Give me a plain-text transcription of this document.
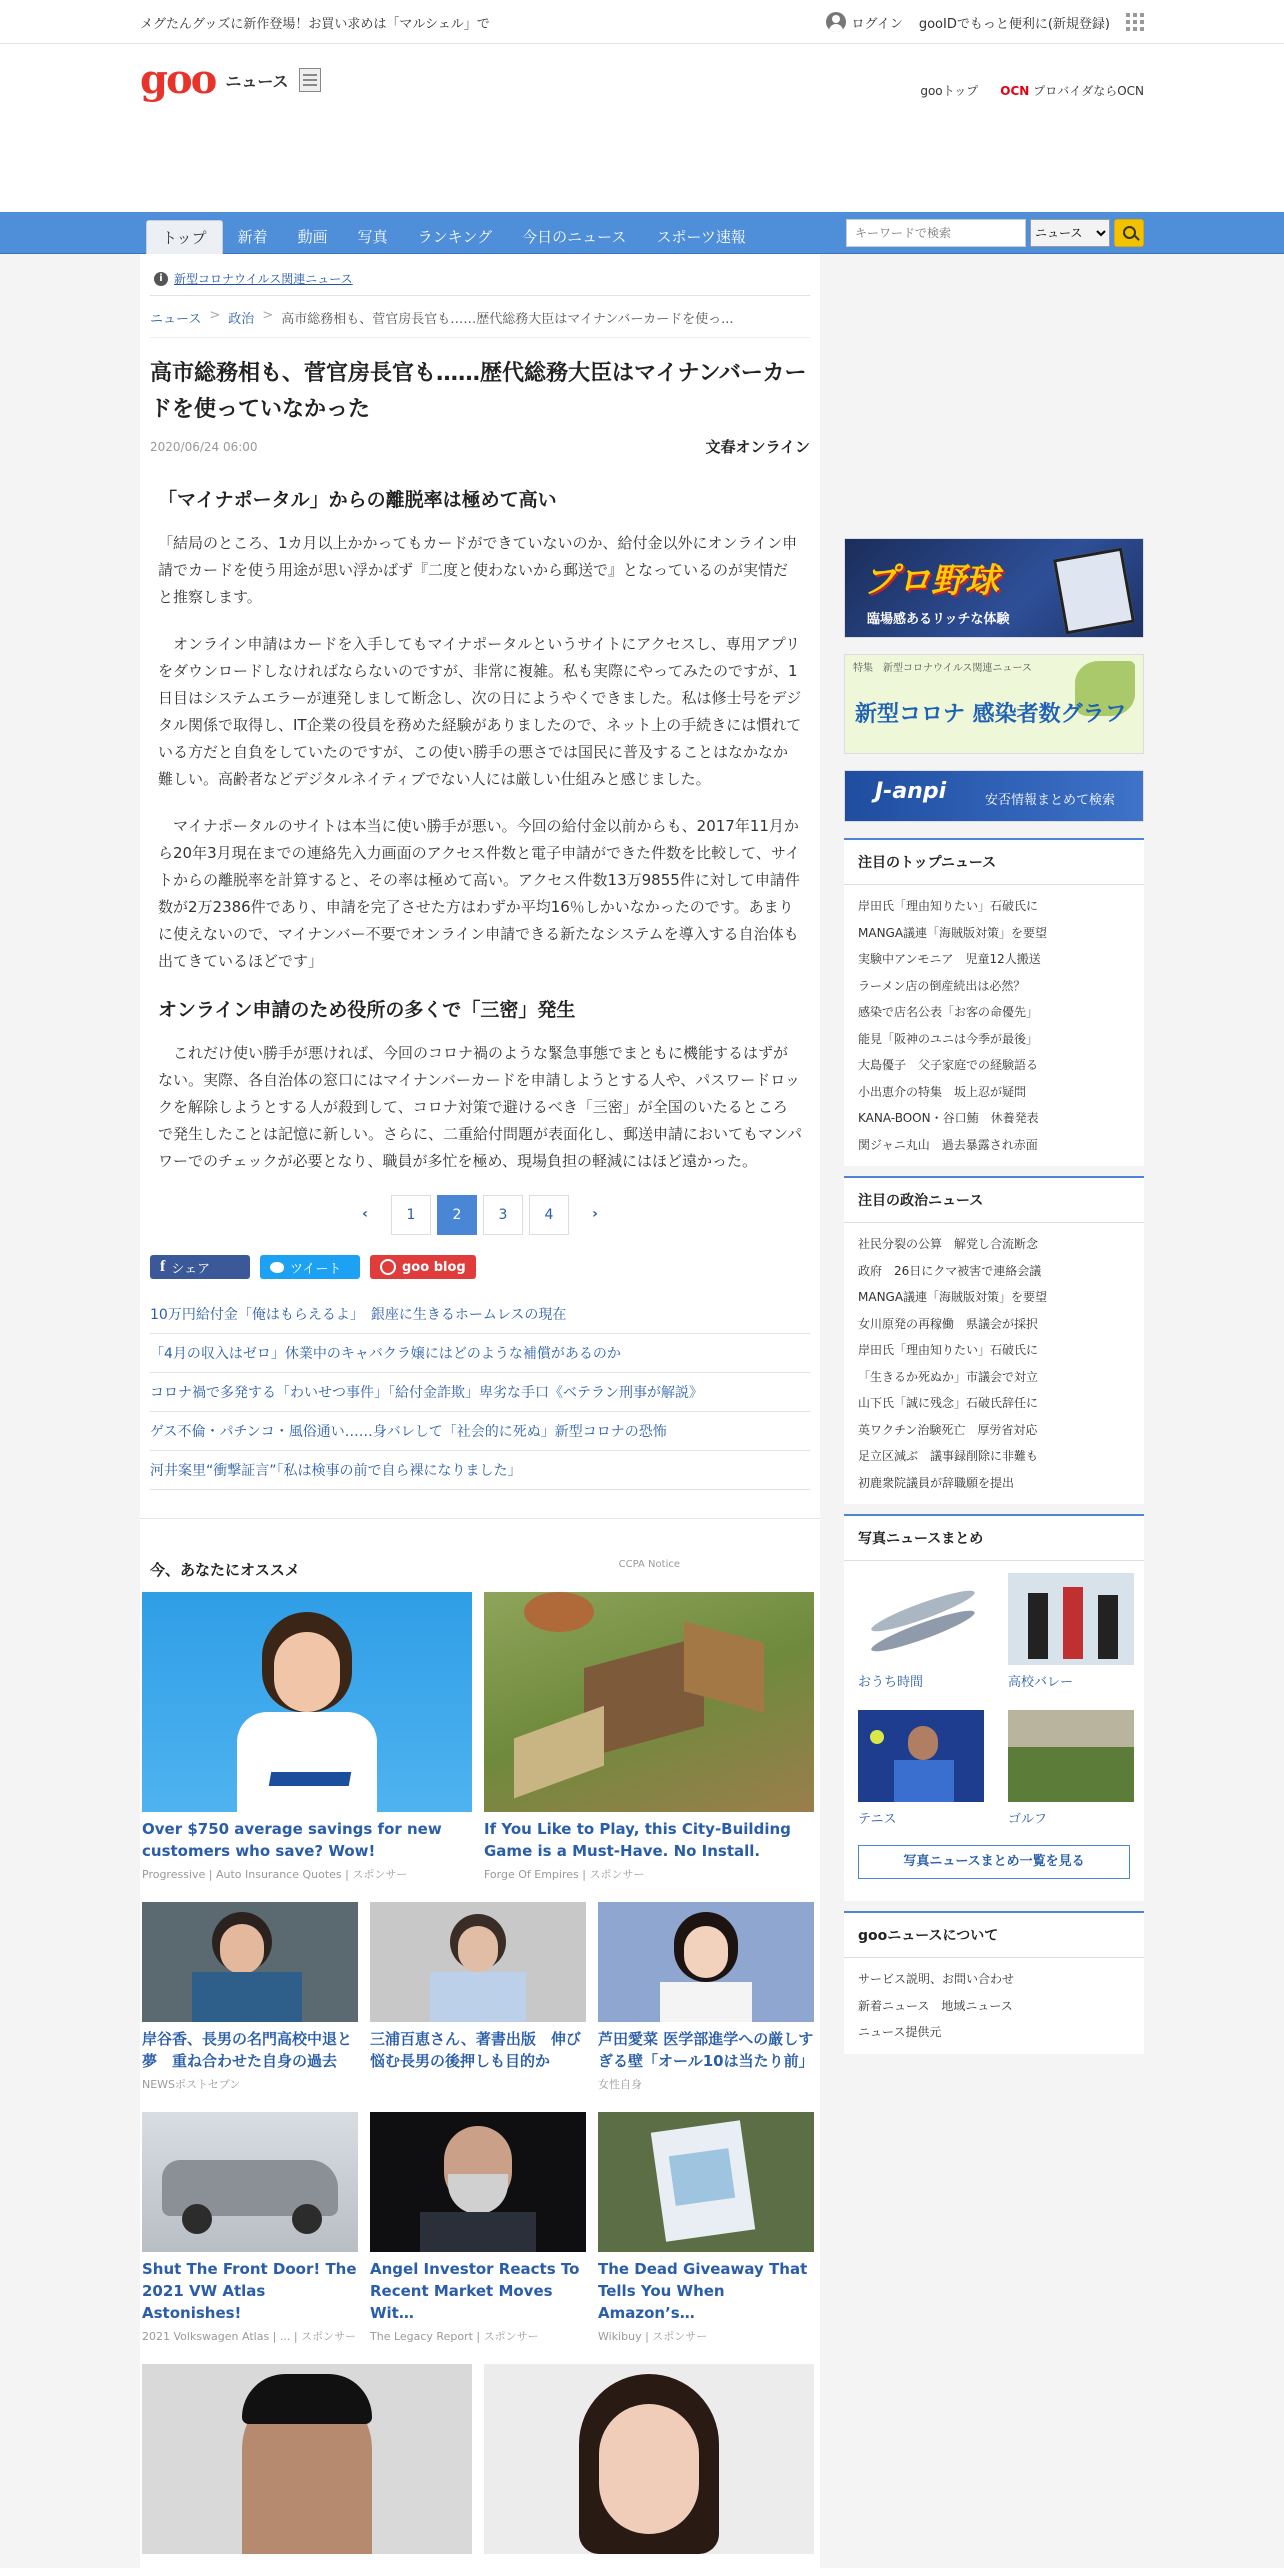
メグたんグッズに新作登場！お買い求めは「マルシェル」で	ログイン gooIDでもっと便利に(新規登録)
goo ニュース	gooトップ OCN プロバイダならOCN
トップ	新着	動画	写真	ランキング	今日のニュース	スポーツ速報
キーワードで検索
ニュース
i 新型コロナウイルス関連ニュース
ニュース > 政治 > 高市総務相も、菅官房長官も……歴代総務大臣はマイナンバーカードを使っ...
高市総務相も、菅官房長官も……歴代総務大臣はマイナンバーカードを使っていなかった
2020/06/24 06:00	文春オンライン
「マイナポータル」からの離脱率は極めて高い

「結局のところ、1カ月以上かかってもカードができていないのか、給付金以外にオンライン申請でカードを使う用途が思い浮かばず『二度と使わないから郵送で』となっているのが実情だと推察します。

　オンライン申請はカードを入手してもマイナポータルというサイトにアクセスし、専用アプリをダウンロードしなければならないのですが、非常に複雑。私も実際にやってみたのですが、1日目はシステムエラーが連発しまして断念し、次の日にようやくできました。私は修士号をデジタル関係で取得し、IT企業の役員を務めた経験がありましたので、ネット上の手続きには慣れている方だと自負をしていたのですが、この使い勝手の悪さでは国民に普及することはなかなか難しい。高齢者などデジタルネイティブでない人には厳しい仕組みと感じました。

　マイナポータルのサイトは本当に使い勝手が悪い。今回の給付金以前からも、2017年11月から20年3月現在までの連絡先入力画面のアクセス件数と電子申請ができた件数を比較して、サイトからの離脱率を計算すると、その率は極めて高い。アクセス件数13万9855件に対して申請件数が2万2386件であり、申請を完了させた方はわずか平均16％しかいなかったのです。あまりに使えないので、マイナンバー不要でオンライン申請できる新たなシステムを導入する自治体も出てきているほどです」

オンライン申請のため役所の多くで「三密」発生

　これだけ使い勝手が悪ければ、今回のコロナ禍のような緊急事態でまともに機能するはずがない。実際、各自治体の窓口にはマイナンバーカードを申請しようとする人や、パスワードロックを解除しようとする人が殺到して、コロナ対策で避けるべき「三密」が全国のいたるところで発生したことは記憶に新しい。さらに、二重給付問題が表面化し、郵送申請においてもマンパワーでのチェックが必要となり、職員が多忙を極め、現場負担の軽減にはほど遠かった。

‹	1	2	3	4	›
f シェア	ツイート	goo blog
10万円給付金「俺はもらえるよ」　銀座に生きるホームレスの現在
「4月の収入はゼロ」休業中のキャバクラ嬢にはどのような補償があるのか
コロナ禍で多発する「わいせつ事件」「給付金詐欺」卑劣な手口《ベテラン刑事が解説》
ゲス不倫・パチンコ・風俗通い……身バレして「社会的に死ぬ」新型コロナの恐怖
河井案里“衝撃証言”「私は検事の前で自ら裸になりました」
今、あなたにオススメ	CCPA Notice
Over $750 average savings for new customers who save? Wow!
Progressive | Auto Insurance Quotes | スポンサー
If You Like to Play, this City-Building Game is a Must-Have. No Install.
Forge Of Empires | スポンサー
岸谷香、長男の名門高校中退と夢　重ね合わせた自身の過去
NEWSポストセブン
三浦百恵さん、著書出版　伸び悩む長男の後押しも目的か
芦田愛菜 医学部進学への厳しすぎる壁「オール10は当たり前」
女性自身
Shut The Front Door! The 2021 VW Atlas Astonishes!
2021 Volkswagen Atlas | ... | スポンサー
Angel Investor Reacts To Recent Market Moves Wit…
The Legacy Report | スポンサー
The Dead Giveaway That Tells You When Amazon’s…
Wikibuy | スポンサー
プロ野球
臨場感あるリッチな体験
特集　新型コロナウイルス関連ニュース
新型コロナ 感染者数グラフ
J-anpi	安否情報まとめて検索
注目のトップニュース
岸田氏「理由知りたい」石破氏に
MANGA議連「海賊版対策」を要望
実験中アンモニア　児童12人搬送
ラーメン店の倒産続出は必然？
感染で店名公表「お客の命優先」
能見「阪神のユニは今季が最後」
大島優子　父子家庭での経験語る
小出恵介の特集　坂上忍が疑問
KANA-BOON・谷口鮪　休養発表
関ジャニ丸山　過去暴露され赤面
注目の政治ニュース
社民分裂の公算　解党し合流断念
政府　26日にクマ被害で連絡会議
MANGA議連「海賊版対策」を要望
女川原発の再稼働　県議会が採択
岸田氏「理由知りたい」石破氏に
「生きるか死ぬか」市議会で対立
山下氏「誠に残念」石破氏辞任に
英ワクチン治験死亡　厚労省対応
足立区減ぶ　議事録削除に非難も
初鹿衆院議員が辞職願を提出
写真ニュースまとめ
おうち時間	高校バレー
テニス	ゴルフ
写真ニュースまとめ一覧を見る
gooニュースについて
サービス説明、お問い合わせ
新着ニュース　地域ニュース
ニュース提供元
